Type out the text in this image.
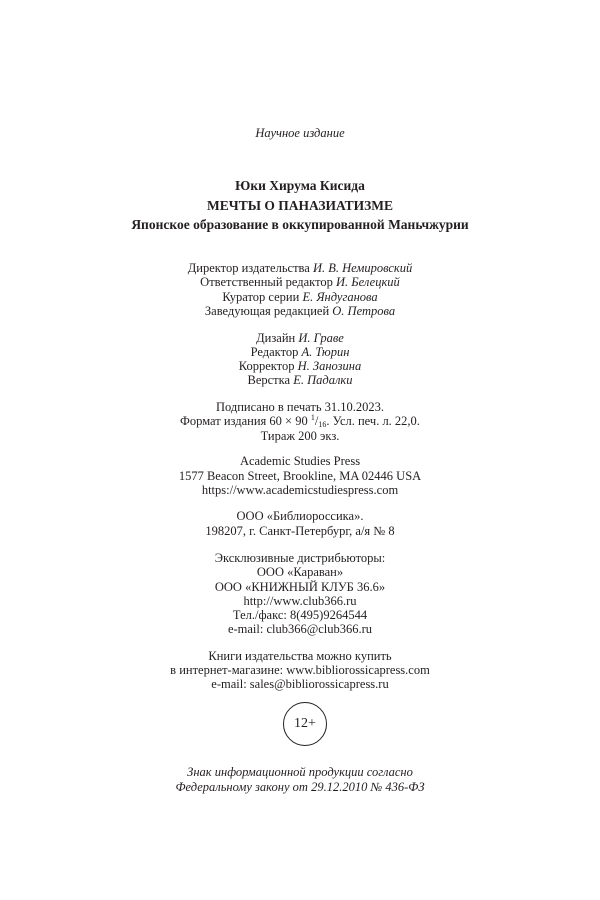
Научное издание
Юки Хирума Кисида
МЕЧТЫ О ПАНАЗИАТИЗМЕ
Японское образование в оккупированной Маньчжурии
Директор издательства И. В. Немировский
Ответственный редактор И. Белецкий
Куратор серии Е. Яндуганова
Заведующая редакцией О. Петрова
Дизайн И. Граве
Редактор А. Тюрин
Корректор Н. Занозина
Верстка Е. Падалки
Подписано в печать 31.10.2023.
Формат издания 60 × 90 $^1$/16. Усл. печ. л. 22,0.
Тираж 200 экз.
Academic Studies Press
1577 Beacon Street, Brookline, MA 02446 USA
https://www.academicstudiespress.com
ООО «Библиороссика».
198207, г. Санкт-Петербург, а/я № 8
Эксклюзивные дистрибьюторы:
ООО «Караван»
ООО «КНИЖНЫЙ КЛУБ 36.6»
http://www.club366.ru
Тел./факс: 8(495)9264544
e-mail: club366@club366.ru
Книги издательства можно купить
в интернет-магазине: www.bibliorossicapress.com
e-mail: sales@bibliorossicapress.ru
12+
Знак информационной продукции согласно
Федеральному закону от 29.12.2010 № 436-ФЗ
